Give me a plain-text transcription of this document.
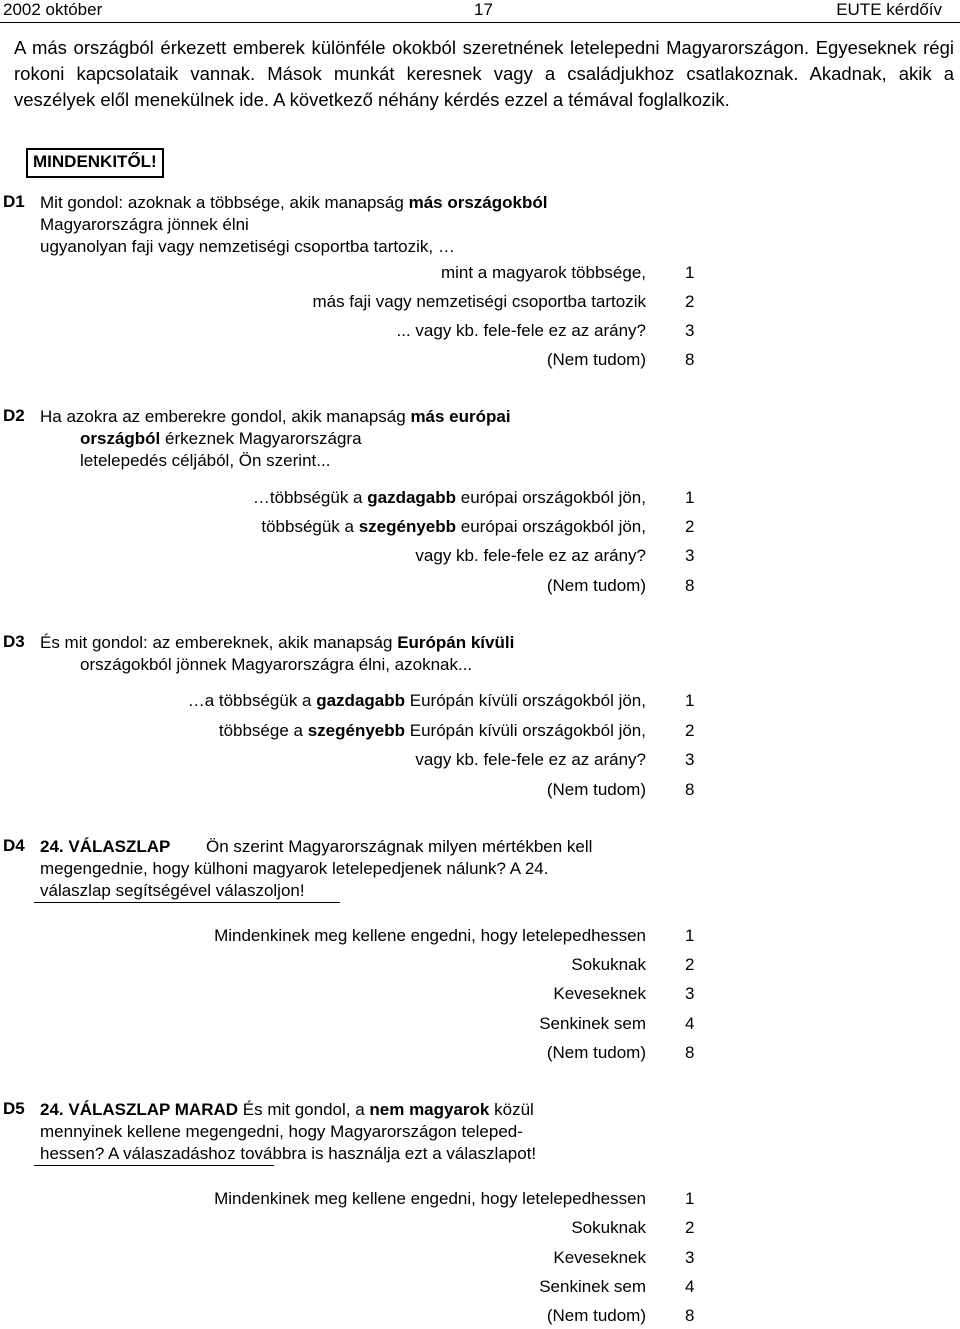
2002 október	17	EUTE kérdőív
A más országból érkezett emberek különféle okokból szeretnének letelepedni Magyarországon. Egyeseknek régi rokoni kapcsolataik vannak. Mások munkát keresnek vagy a családjukhoz csatlakoznak. Akadnak, akik a veszélyek elől menekülnek ide. A következő néhány kérdés ezzel a témával foglalkozik.
MINDENKITŐL!
D1 Mit gondol: azoknak a többsége, akik manapság más országokból
Magyarországra jönnek élni
ugyanolyan faji vagy nemzetiségi csoportba tartozik, …
mint a magyarok többsége, 1
más faji vagy nemzetiségi csoportba tartozik 2
... vagy kb. fele-fele ez az arány? 3
(Nem tudom) 8
D2 Ha azokra az emberekre gondol, akik manapság más európai
országból érkeznek Magyarországra
letelepedés céljából, Ön szerint...
…többségük a gazdagabb európai országokból jön, 1
többségük a szegényebb európai országokból jön, 2
vagy kb. fele-fele ez az arány? 3
(Nem tudom) 8
D3 És mit gondol: az embereknek, akik manapság Európán kívüli
országokból jönnek Magyarországra élni, azoknak...
…a többségük a gazdagabb Európán kívüli országokból jön, 1
többsége a szegényebb Európán kívüli országokból jön, 2
vagy kb. fele-fele ez az arány? 3
(Nem tudom) 8
D4 24. VÁLASZLAP Ön szerint Magyarországnak milyen mértékben kell
megengednie, hogy külhoni magyarok letelepedjenek nálunk? A 24.
válaszlap segítségével válaszoljon!
Mindenkinek meg kellene engedni, hogy letelepedhessen 1
Sokuknak 2
Keveseknek 3
Senkinek sem 4
(Nem tudom) 8
D5 24. VÁLASZLAP MARAD És mit gondol, a nem magyarok közül
mennyinek kellene megengedni, hogy Magyarországon teleped-
hessen? A válaszadáshoz továbbra is használja ezt a válaszlapot!
Mindenkinek meg kellene engedni, hogy letelepedhessen 1
Sokuknak 2
Keveseknek 3
Senkinek sem 4
(Nem tudom) 8
